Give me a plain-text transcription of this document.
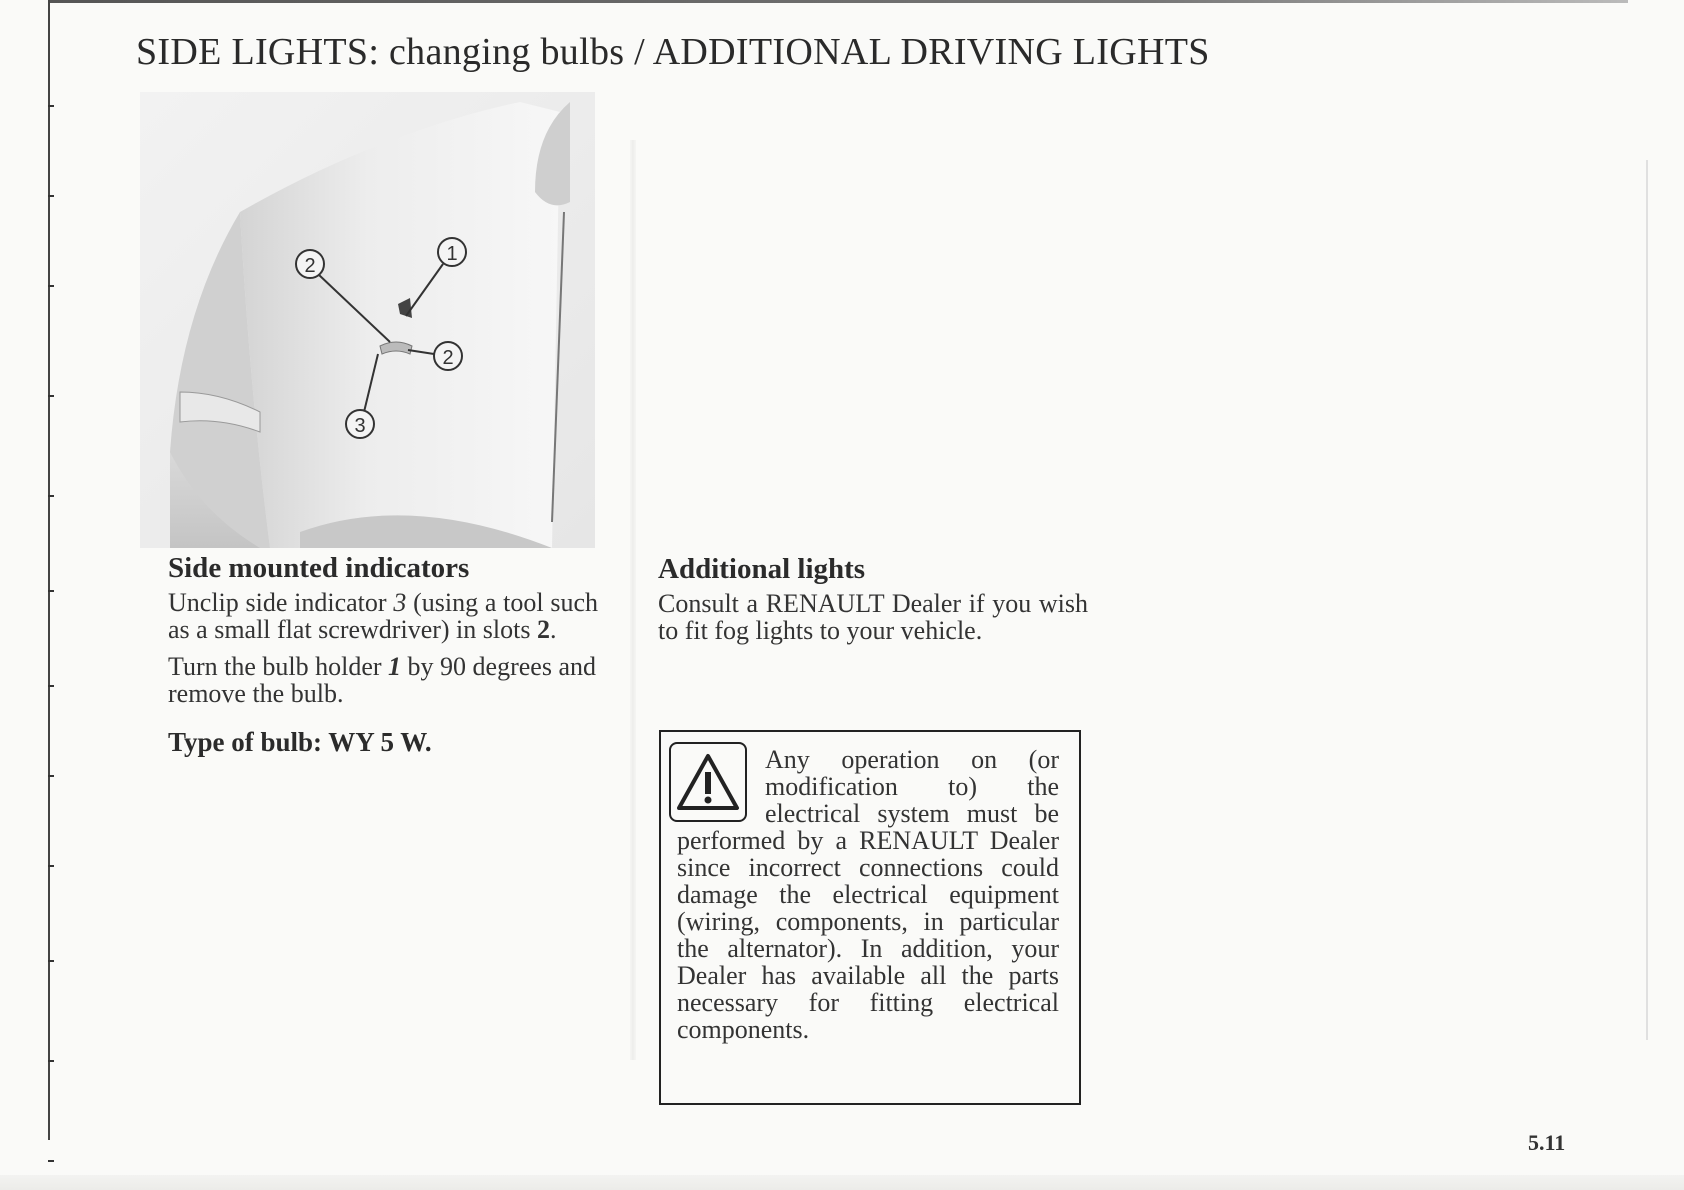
SIDE LIGHTS: changing bulbs / ADDITIONAL DRIVING LIGHTS
1
2
2
3
Side mounted indicators

Unclip side indicator 3 (using a tool such as a small flat screwdriver) in slots 2.

Turn the bulb holder 1 by 90 degrees and remove the bulb.

Type of bulb: WY 5 W.
Additional lights

Consult a RENAULT Dealer if you wish to fit fog lights to your vehicle.

Any operation on (or modification to) the electrical system must be performed by a RENAULT Dealer since incorrect connections could damage the electrical equipment (wiring, components, in particular the alternator). In addition, your Dealer has available all the parts necessary for fitting electrical components.

5.11
